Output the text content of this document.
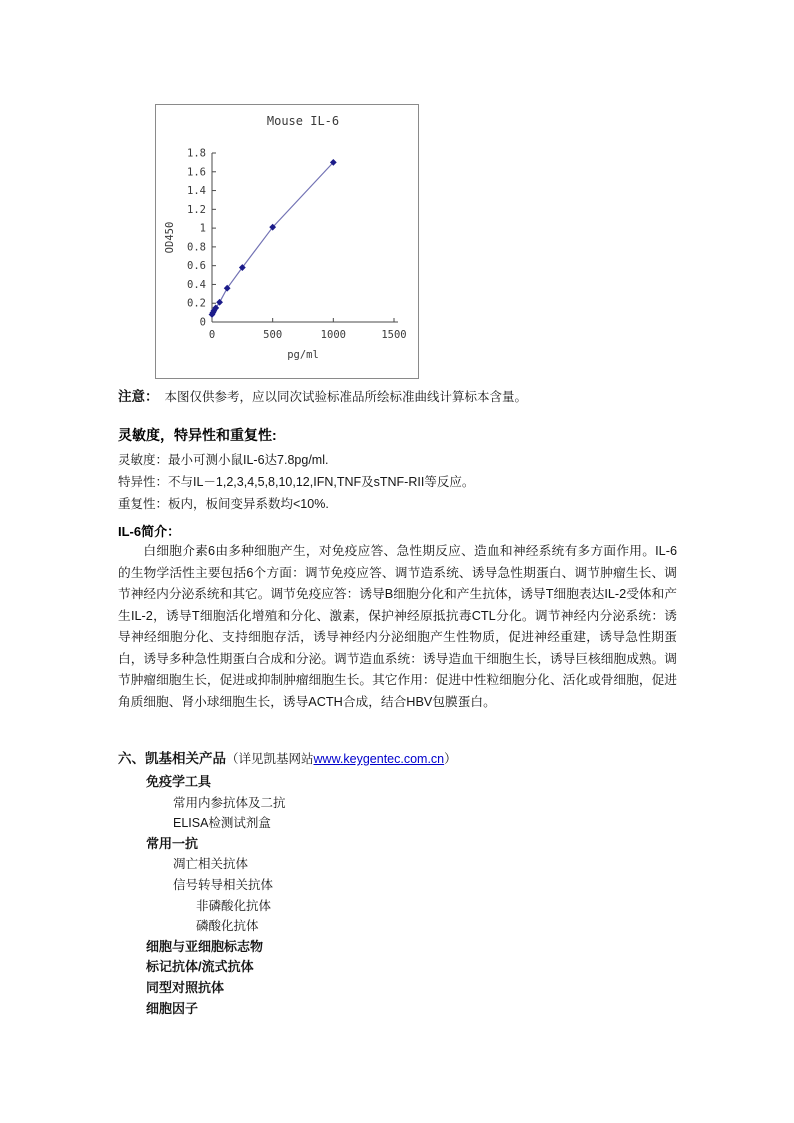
Mouse IL-6
0
0.2
0.4
0.6
0.8
1
1.2
1.4
1.6
1.8
0	500	1000	1500
OD450
pg/ml

注意： 本图仅供参考，应以同次试验标准品所绘标准曲线计算标本含量。

灵敏度，特异性和重复性:
灵敏度：最小可测小鼠IL-6达7.8pg/ml.
特异性：不与IL－1,2,3,4,5,8,10,12,IFN,TNF及sTNF-RII等反应。
重复性：板内，板间变异系数均<10%.
IL-6简介：

白细胞介素6由多种细胞产生，对免疫应答、急性期反应、造血和神经系统有多方面作用。IL-6的生物学活性主要包括6个方面：调节免疫应答、调节造系统、诱导急性期蛋白、调节肿瘤生长、调节神经内分泌系统和其它。调节免疫应答：诱导B细胞分化和产生抗体，诱导T细胞表达IL-2受体和产生IL-2，诱导T细胞活化增殖和分化、激素，保护神经原抵抗毒CTL分化。调节神经内分泌系统：诱导神经细胞分化、支持细胞存活，诱导神经内分泌细胞产生性物质，促进神经重建，诱导急性期蛋白，诱导多种急性期蛋白合成和分泌。调节造血系统：诱导造血干细胞生长，诱导巨核细胞成熟。调节肿瘤细胞生长，促进或抑制肿瘤细胞生长。其它作用：促进中性粒细胞分化、活化或骨细胞，促进角质细胞、肾小球细胞生长，诱导ACTH合成，结合HBV包膜蛋白。

六、凯基相关产品（详见凯基网站www.keygentec.com.cn）

免疫学工具
常用内参抗体及二抗
ELISA检测试剂盒
常用一抗
凋亡相关抗体
信号转导相关抗体
非磷酸化抗体
磷酸化抗体
细胞与亚细胞标志物
标记抗体/流式抗体
同型对照抗体
细胞因子
